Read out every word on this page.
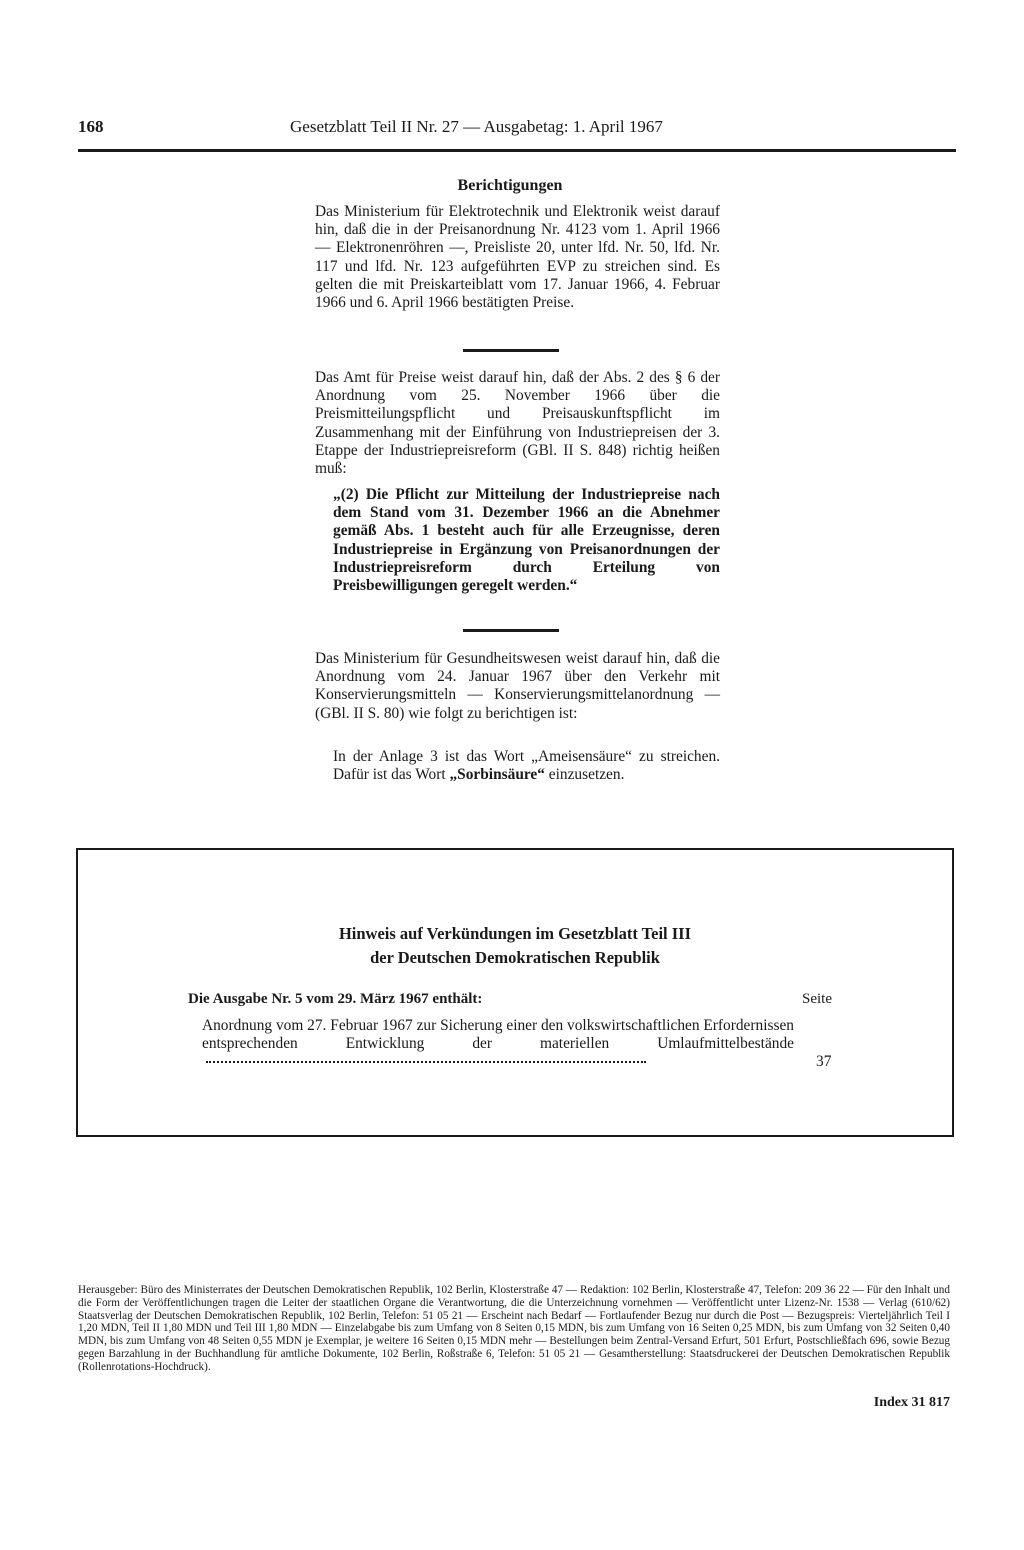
168	Gesetzblatt Teil II Nr. 27 — Ausgabetag: 1. April 1967
Berichtigungen
Das Ministerium für Elektrotechnik und Elektronik weist darauf hin, daß die in der Preisanordnung Nr. 4123 vom 1. April 1966 — Elektronenröhren —, Preisliste 20, unter lfd. Nr. 50, lfd. Nr. 117 und lfd. Nr. 123 aufgeführten EVP zu streichen sind. Es gelten die mit Preiskarteiblatt vom 17. Januar 1966, 4. Februar 1966 und 6. April 1966 bestätigten Preise.
Das Amt für Preise weist darauf hin, daß der Abs. 2 des § 6 der Anordnung vom 25. November 1966 über die Preismitteilungspflicht und Preisauskunftspflicht im Zusammenhang mit der Einführung von Industriepreisen der 3. Etappe der Industriepreisreform (GBl. II S. 848) richtig heißen muß:
„(2) Die Pflicht zur Mitteilung der Industriepreise nach dem Stand vom 31. Dezember 1966 an die Abnehmer gemäß Abs. 1 besteht auch für alle Erzeugnisse, deren Industriepreise in Ergänzung von Preisanordnungen der Industriepreisreform durch Erteilung von Preisbewilligungen geregelt werden.“
Das Ministerium für Gesundheitswesen weist darauf hin, daß die Anordnung vom 24. Januar 1967 über den Verkehr mit Konservierungsmitteln — Konservierungsmittelanordnung — (GBl. II S. 80) wie folgt zu berichtigen ist:
In der Anlage 3 ist das Wort „Ameisensäure“ zu streichen. Dafür ist das Wort „Sorbinsäure“ einzusetzen.
Hinweis auf Verkündungen im Gesetzblatt Teil III
der Deutschen Demokratischen Republik
Die Ausgabe Nr. 5 vom 29. März 1967 enthält:	Seite
Anordnung vom 27. Februar 1967 zur Sicherung einer den volkswirtschaftlichen Erfordernissen entsprechenden Entwicklung der materiellen Umlaufmittelbestände
37
Herausgeber: Büro des Ministerrates der Deutschen Demokratischen Republik, 102 Berlin, Klosterstraße 47 — Redaktion: 102 Berlin, Klosterstraße 47, Telefon: 209 36 22 — Für den Inhalt und die Form der Veröffentlichungen tragen die Leiter der staatlichen Organe die Verantwortung, die die Unterzeichnung vornehmen — Veröffentlicht unter Lizenz-Nr. 1538 — Verlag (610/62) Staatsverlag der Deutschen Demokratischen Republik, 102 Berlin, Telefon: 51 05 21 — Erscheint nach Bedarf — Fortlaufender Bezug nur durch die Post — Bezugspreis: Vierteljährlich Teil I 1,20 MDN, Teil II 1,80 MDN und Teil III 1,80 MDN — Einzelabgabe bis zum Umfang von 8 Seiten 0,15 MDN, bis zum Umfang von 16 Seiten 0,25 MDN, bis zum Umfang von 32 Seiten 0,40 MDN, bis zum Umfang von 48 Seiten 0,55 MDN je Exemplar, je weitere 16 Seiten 0,15 MDN mehr — Bestellungen beim Zentral-Versand Erfurt, 501 Erfurt, Postschließfach 696, sowie Bezug gegen Barzahlung in der Buchhandlung für amtliche Dokumente, 102 Berlin, Roßstraße 6, Telefon: 51 05 21 — Gesamtherstellung: Staatsdruckerei der Deutschen Demokratischen Republik (Rollenrotations-Hochdruck).
Index 31 817
